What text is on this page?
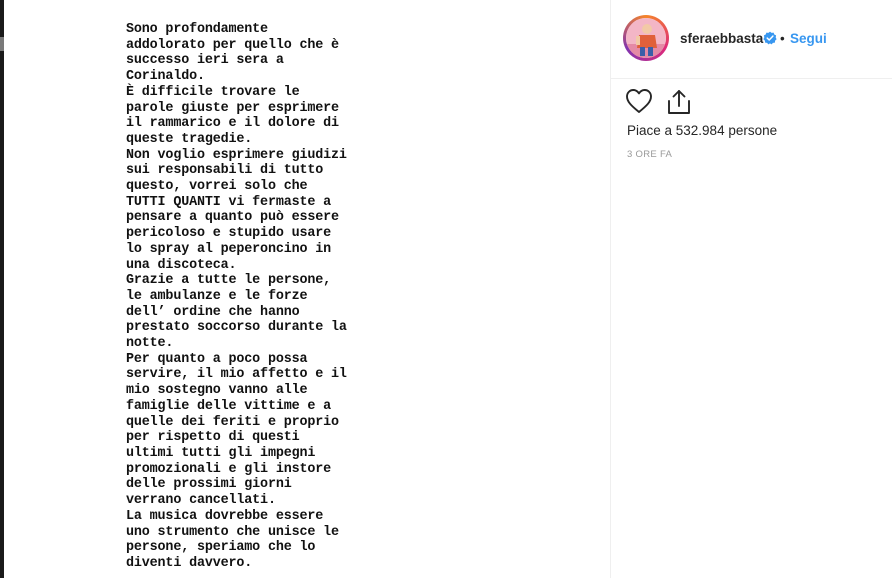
Sono profondamente
addolorato per quello che è
successo ieri sera a
Corinaldo.
È difficile trovare le
parole giuste per esprimere
il rammarico e il dolore di
queste tragedie.
Non voglio esprimere giudizi
sui responsabili di tutto
questo, vorrei solo che
TUTTI QUANTI vi fermaste a
pensare a quanto può essere
pericoloso e stupido usare
lo spray al peperoncino in
una discoteca.
Grazie a tutte le persone,
le ambulanze e le forze
dell’ ordine che hanno
prestato soccorso durante la
notte.
Per quanto a poco possa
servire, il mio affetto e il
mio sostegno vanno alle
famiglie delle vittime e a
quelle dei feriti e proprio
per rispetto di questi
ultimi tutti gli impegni
promozionali e gli instore
delle prossimi giorni
verrano cancellati.
La musica dovrebbe essere
uno strumento che unisce le
persone, speriamo che lo
diventi davvero.
sferaebbasta • Segui
Piace a 532.984 persone
3 ORE FA
